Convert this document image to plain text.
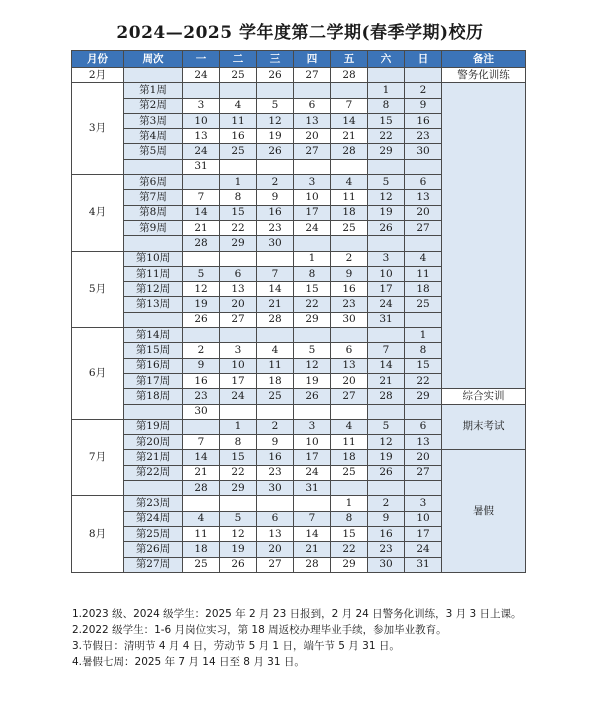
2024—2025 学年度第二学期(春季学期)校历
月份	周次	一	二	三	四	五	六	日	备注
2月		24	25	26	27	28			警务化训练
3月	第1周						1	2	
	第2周	3	4	5	6	7	8	9	
	第3周	10	11	12	13	14	15	16	
	第4周	13	16	19	20	21	22	23	
	第5周	24	25	26	27	28	29	30	
		31							
4月	第6周		1	2	3	4	5	6	
	第7周	7	8	9	10	11	12	13	
	第8周	14	15	16	17	18	19	20	
	第9周	21	22	23	24	25	26	27	
		28	29	30					
5月	第10周				1	2	3	4	
	第11周	5	6	7	8	9	10	11	
	第12周	12	13	14	15	16	17	18	
	第13周	19	20	21	22	23	24	25	
		26	27	28	29	30	31		
6月	第14周							1	
	第15周	2	3	4	5	6	7	8	
	第16周	9	10	11	12	13	14	15	
	第17周	16	17	18	19	20	21	22	
	第18周	23	24	25	26	27	28	29	综合实训
		30							期末考试
7月	第19周		1	2	3	4	5	6	
	第20周	7	8	9	10	11	12	13	
	第21周	14	15	16	17	18	19	20	暑假
	第22周	21	22	23	24	25	26	27	
		28	29	30	31				
8月	第23周					1	2	3	
	第24周	4	5	6	7	8	9	10	
	第25周	11	12	13	14	15	16	17	
	第26周	18	19	20	21	22	23	24	
	第27周	25	26	27	28	29	30	31	
1.2023 级、2024 级学生：2025 年 2 月 23 日报到，2 月 24 日警务化训练，3 月 3 日上课。
2.2022 级学生：1-6 月岗位实习，第 18 周返校办理毕业手续，参加毕业教育。
3.节假日：清明节 4 月 4 日，劳动节 5 月 1 日，端午节 5 月 31 日。
4.暑假七周：2025 年 7 月 14 日至 8 月 31 日。
